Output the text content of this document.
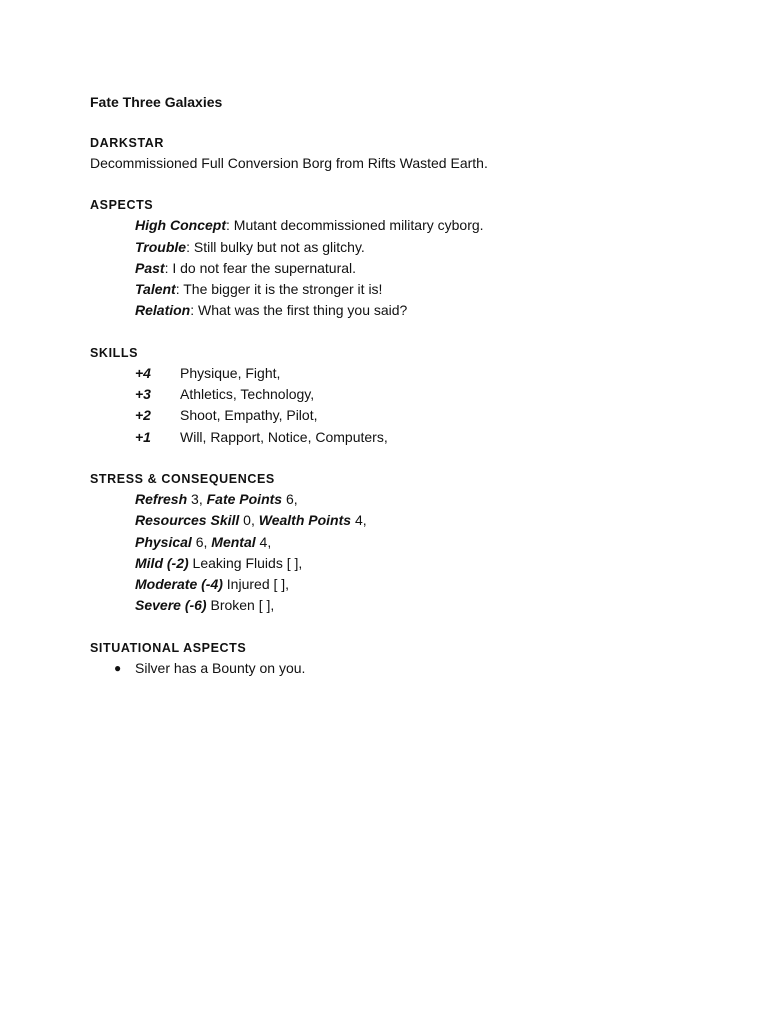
Fate Three Galaxies
DARKSTAR
Decommissioned Full Conversion Borg from Rifts Wasted Earth.
ASPECTS
High Concept: Mutant decommissioned military cyborg.
Trouble: Still bulky but not as glitchy.
Past: I do not fear the supernatural.
Talent: The bigger it is the stronger it is!
Relation: What was the first thing you said?
SKILLS
+4	Physique, Fight,
+3	Athletics, Technology,
+2	Shoot, Empathy, Pilot,
+1	Will, Rapport, Notice, Computers,
STRESS & CONSEQUENCES
Refresh 3, Fate Points 6,
Resources Skill 0, Wealth Points 4,
Physical 6, Mental 4,
Mild (-2) Leaking Fluids [ ],
Moderate (-4) Injured [ ],
Severe (-6) Broken [ ],
SITUATIONAL ASPECTS
● Silver has a Bounty on you.
